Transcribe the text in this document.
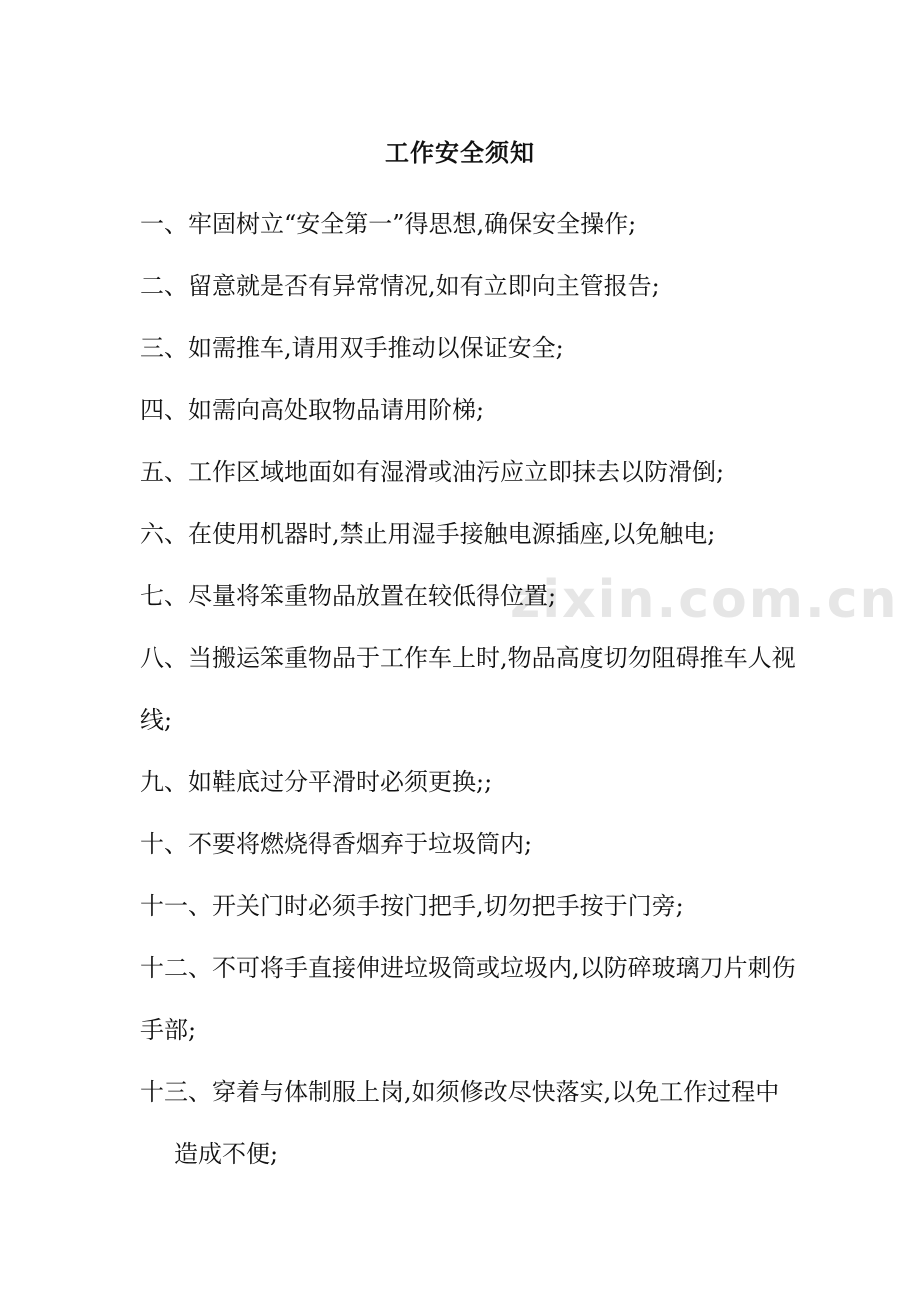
zixin.com.cn
工作安全须知
一、牢固树立“安全第一”得思想,确保安全操作;
二、留意就是否有异常情况,如有立即向主管报告;
三、如需推车,请用双手推动以保证安全;
四、如需向高处取物品请用阶梯;
五、工作区域地面如有湿滑或油污应立即抹去以防滑倒;
六、在使用机器时,禁止用湿手接触电源插座,以免触电;
七、尽量将笨重物品放置在较低得位置;
八、当搬运笨重物品于工作车上时,物品高度切勿阻碍推车人视线;
九、如鞋底过分平滑时必须更换;;
十、不要将燃烧得香烟弃于垃圾筒内;
十一、开关门时必须手按门把手,切勿把手按于门旁;
十二、不可将手直接伸进垃圾筒或垃圾内,以防碎玻璃刀片刺伤手部;
十三、穿着与体制服上岗,如须修改尽快落实,以免工作过程中造成不便;
